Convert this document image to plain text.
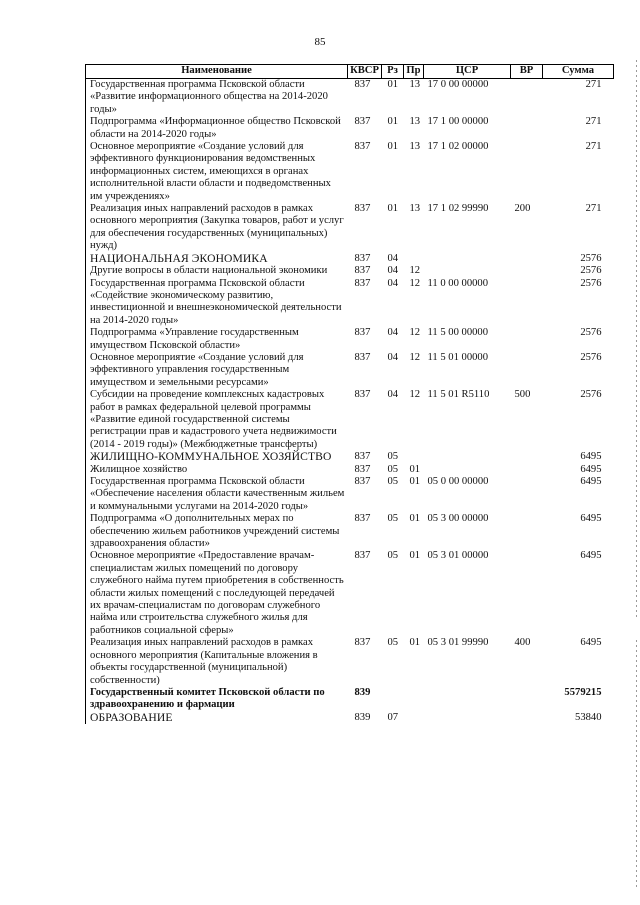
85
Наименование	КВСР	Рз	Пр	ЦСР	ВР	Сумма
Государственная программа Псковской области «Развитие информационного общества на 2014-2020 годы»	837	01	13	17 0 00 00000		271
Подпрограмма «Информационное общество Псковской области на 2014-2020 годы»	837	01	13	17 1 00 00000		271
Основное мероприятие «Создание условий для эффективного функционирования ведомственных информационных систем, имеющихся в органах исполнительной власти области и подведомственных им учреждениях»	837	01	13	17 1 02 00000		271
Реализация иных направлений расходов в рамках основного мероприятия (Закупка товаров, работ и услуг для обеспечения государственных (муниципальных) нужд)	837	01	13	17 1 02 99990	200	271
НАЦИОНАЛЬНАЯ ЭКОНОМИКА	837	04				2576
Другие вопросы в области национальной экономики	837	04	12			2576
Государственная программа Псковской области «Содействие экономическому развитию, инвестиционной и внешнеэкономической деятельности на 2014-2020 годы»	837	04	12	11 0 00 00000		2576
Подпрограмма «Управление государственным имуществом Псковской области»	837	04	12	11 5 00 00000		2576
Основное мероприятие «Создание условий для эффективного управления государственным имуществом и земельными ресурсами»	837	04	12	11 5 01 00000		2576
Субсидии на проведение комплексных кадастровых работ в рамках федеральной целевой программы «Развитие единой государственной системы регистрации прав и кадастрового учета недвижимости (2014 - 2019 годы)» (Межбюджетные трансферты)	837	04	12	11 5 01 R5110	500	2576
ЖИЛИЩНО-КОММУНАЛЬНОЕ ХОЗЯЙСТВО	837	05				6495
Жилищное хозяйство	837	05	01			6495
Государственная программа Псковской области «Обеспечение населения области качественным жильем и коммунальными услугами на 2014-2020 годы»	837	05	01	05 0 00 00000		6495
Подпрограмма «О дополнительных мерах по обеспечению жильем работников учреждений системы здравоохранения области»	837	05	01	05 3 00 00000		6495
Основное мероприятие «Предоставление врачам-специалистам жилых помещений по договору служебного найма путем приобретения в собственность области жилых помещений с последующей передачей их врачам-специалистам по договорам служебного найма или строительства служебного жилья для работников социальной сферы»	837	05	01	05 3 01 00000		6495
Реализация иных направлений расходов в рамках основного мероприятия (Капитальные вложения в объекты государственной (муниципальной) собственности)	837	05	01	05 3 01 99990	400	6495
Государственный комитет Псковской области по здравоохранению и фармации	839					5579215
ОБРАЗОВАНИЕ	839	07				53840
